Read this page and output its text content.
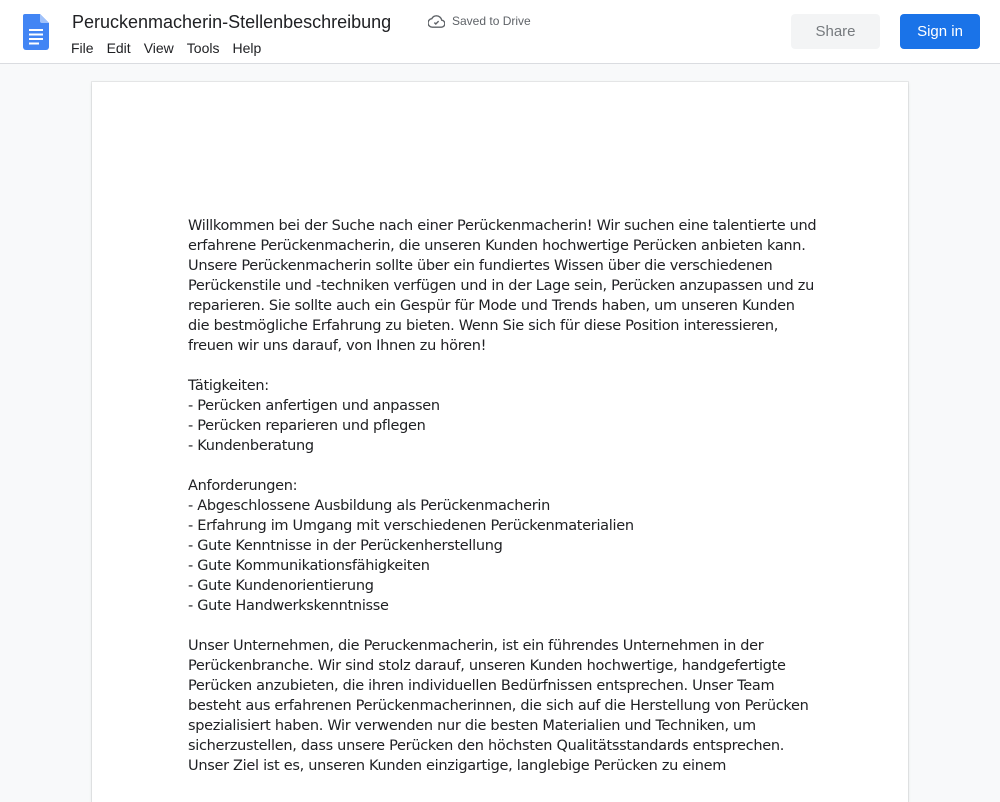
Peruckenmacherin-Stellenbeschreibung	Saved to Drive
File Edit View Tools Help
Share	Sign in

Willkommen bei der Suche nach einer Perückenmacherin! Wir suchen eine talentierte und erfahrene Perückenmacherin, die unseren Kunden hochwertige Perücken anbieten kann. Unsere Perückenmacherin sollte über ein fundiertes Wissen über die verschiedenen Perückenstile und -techniken verfügen und in der Lage sein, Perücken anzupassen und zu reparieren. Sie sollte auch ein Gespür für Mode und Trends haben, um unseren Kunden die bestmögliche Erfahrung zu bieten. Wenn Sie sich für diese Position interessieren, freuen wir uns darauf, von Ihnen zu hören!

Tätigkeiten:

- Perücken anfertigen und anpassen

- Perücken reparieren und pflegen

- Kundenberatung

Anforderungen:

- Abgeschlossene Ausbildung als Perückenmacherin

- Erfahrung im Umgang mit verschiedenen Perückenmaterialien

- Gute Kenntnisse in der Perückenherstellung

- Gute Kommunikationsfähigkeiten

- Gute Kundenorientierung

- Gute Handwerkskenntnisse

Unser Unternehmen, die Peruckenmacherin, ist ein führendes Unternehmen in der Perückenbranche. Wir sind stolz darauf, unseren Kunden hochwertige, handgefertigte Perücken anzubieten, die ihren individuellen Bedürfnissen entsprechen. Unser Team besteht aus erfahrenen Perückenmacherinnen, die sich auf die Herstellung von Perücken spezialisiert haben. Wir verwenden nur die besten Materialien und Techniken, um sicherzustellen, dass unsere Perücken den höchsten Qualitätsstandards entsprechen. Unser Ziel ist es, unseren Kunden einzigartige, langlebige Perücken zu einem
